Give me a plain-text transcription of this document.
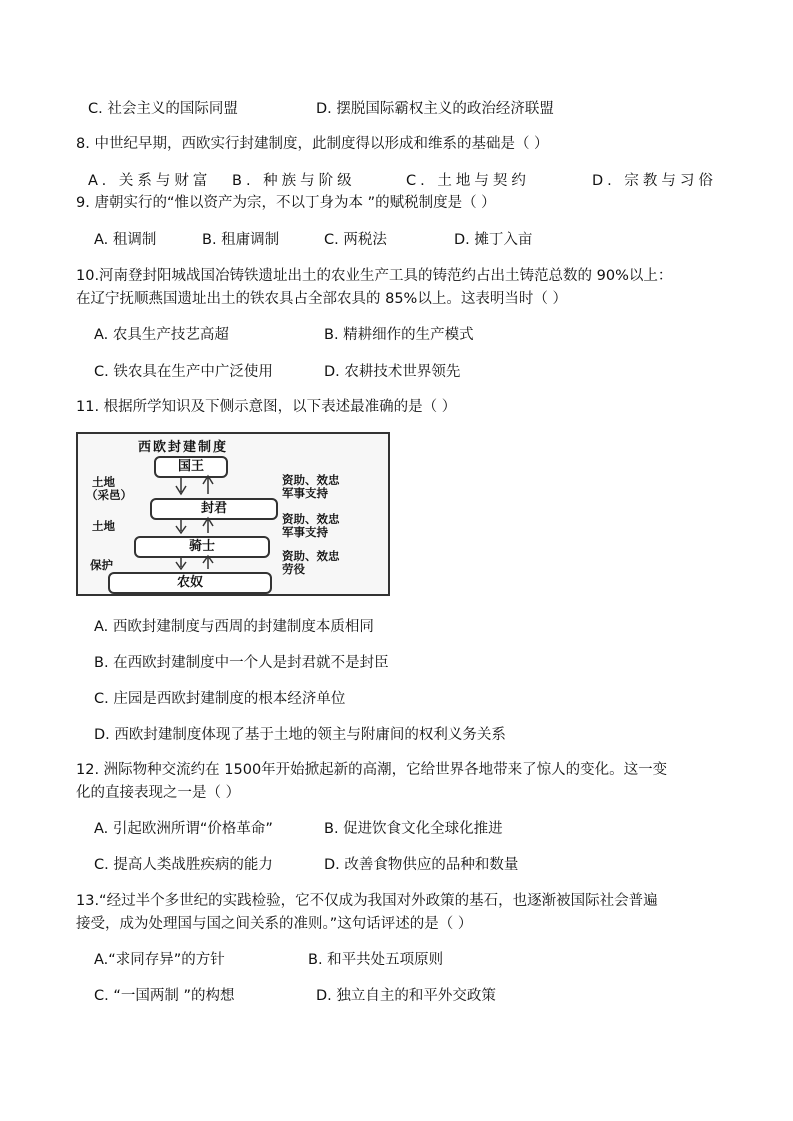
C. 社会主义的国际同盟	D. 摆脱国际霸权主义的政治经济联盟
8. 中世纪早期，西欧实行封建制度，此制度得以形成和维系的基础是（ ）
A. 关系与财富 B. 种族与阶级	C. 土地与契约	D. 宗教与习俗
9. 唐朝实行的“惟以资产为宗，不以丁身为本 ”的赋税制度是（ ）
A. 租调制	B. 租庸调制	C. 两税法	D. 摊丁入亩
10.河南登封阳城战国冶铸铁遗址出土的农业生产工具的铸范约占出土铸范总数的 90%以上：
在辽宁抚顺燕国遗址出土的铁农具占全部农具的 85%以上。这表明当时（ ）
A. 农具生产技艺高超	B. 精耕细作的生产模式
C. 铁农具在生产中广泛使用	D. 农耕技术世界领先
11. 根据所学知识及下侧示意图，以下表述最准确的是（ ）
西欧封建制度
国王
封君
骑士
农奴
土地
（采邑）
土地
保护
资助、效忠
军事支持
资助、效忠
军事支持
资助、效忠
劳役
A. 西欧封建制度与西周的封建制度本质相同
B. 在西欧封建制度中一个人是封君就不是封臣
C. 庄园是西欧封建制度的根本经济单位
D. 西欧封建制度体现了基于土地的领主与附庸间的权利义务关系
12. 洲际物种交流约在 1500年开始掀起新的高潮，它给世界各地带来了惊人的变化。这一变
化的直接表现之一是（ ）
A. 引起欧洲所谓“价格革命”	B. 促进饮食文化全球化推进
C. 提高人类战胜疾病的能力	D. 改善食物供应的品种和数量
13.“经过半个多世纪的实践检验，它不仅成为我国对外政策的基石，也逐渐被国际社会普遍
接受，成为处理国与国之间关系的准则。”这句话评述的是（ ）
A.“求同存异”的方针	B. 和平共处五项原则
C. “一国两制 ”的构想	D. 独立自主的和平外交政策
